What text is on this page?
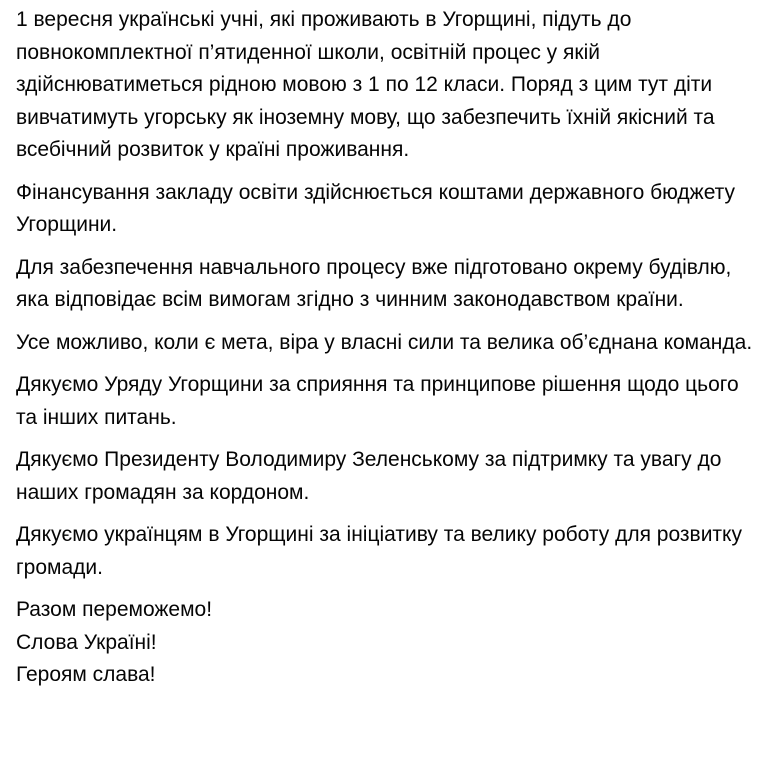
1 вересня українські учні, які проживають в Угорщині, підуть до повнокомплектної п’ятиденної школи, освітній процес у якій здійснюватиметься рідною мовою з 1 по 12 класи. Поряд з цим тут діти вивчатимуть угорську як іноземну мову, що забезпечить їхній якісний та всебічний розвиток у країні проживання.

Фінансування закладу освіти здійснюється коштами державного бюджету Угорщини.

Для забезпечення навчального процесу вже підготовано окрему будівлю, яка відповідає всім вимогам згідно з чинним законодавством країни.

Усе можливо, коли є мета, віра у власні сили та велика об’єднана команда.

Дякуємо Уряду Угорщини за сприяння та принципове рішення щодо цього та інших питань.

Дякуємо Президенту Володимиру Зеленському за підтримку та увагу до наших громадян за кордоном.

Дякуємо українцям в Угорщині за ініціативу та велику роботу для розвитку громади.

Разом переможемо!
Слова Україні!
Героям слава!
